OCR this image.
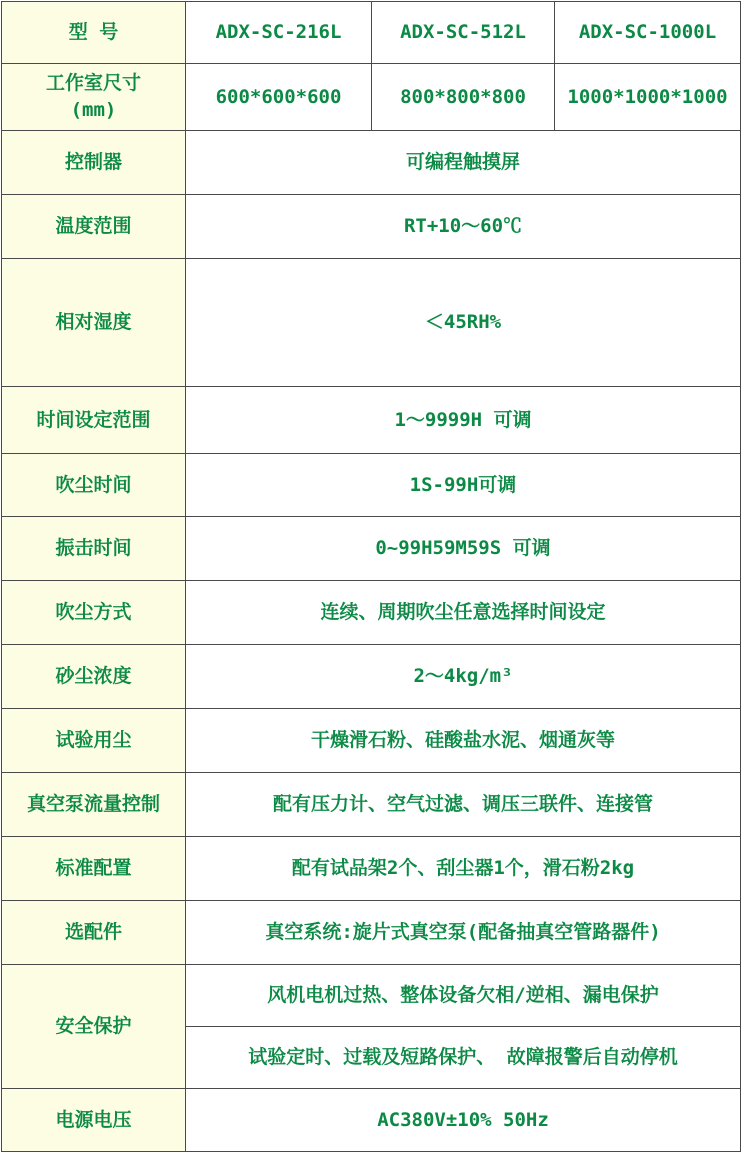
型 号	ADX-SC-216L	ADX-SC-512L	ADX-SC-1000L

工作室尺寸
(mm)	600*600*600	800*800*800	1000*1000*1000
控制器	可编程触摸屏		
温度范围	RT+10～60℃		
相对湿度	＜45RH%		
时间设定范围	1～9999H 可调		
吹尘时间	1S-99H可调		
振击时间	0~99H59M59S 可调		
吹尘方式	连续、周期吹尘任意选择时间设定		
砂尘浓度	2～4kg/m³		
试验用尘	干燥滑石粉、硅酸盐水泥、烟通灰等		
真空泵流量控制	配有压力计、空气过滤、调压三联件、连接管		
标准配置	配有试品架2个、刮尘器1个，滑石粉2kg		
选配件	真空系统:旋片式真空泵(配备抽真空管路器件)		
安全保护	风机电机过热、整体设备欠相/逆相、漏电保护		
	试验定时、过载及短路保护、 故障报警后自动停机		
电源电压	AC380V±10% 50Hz		
